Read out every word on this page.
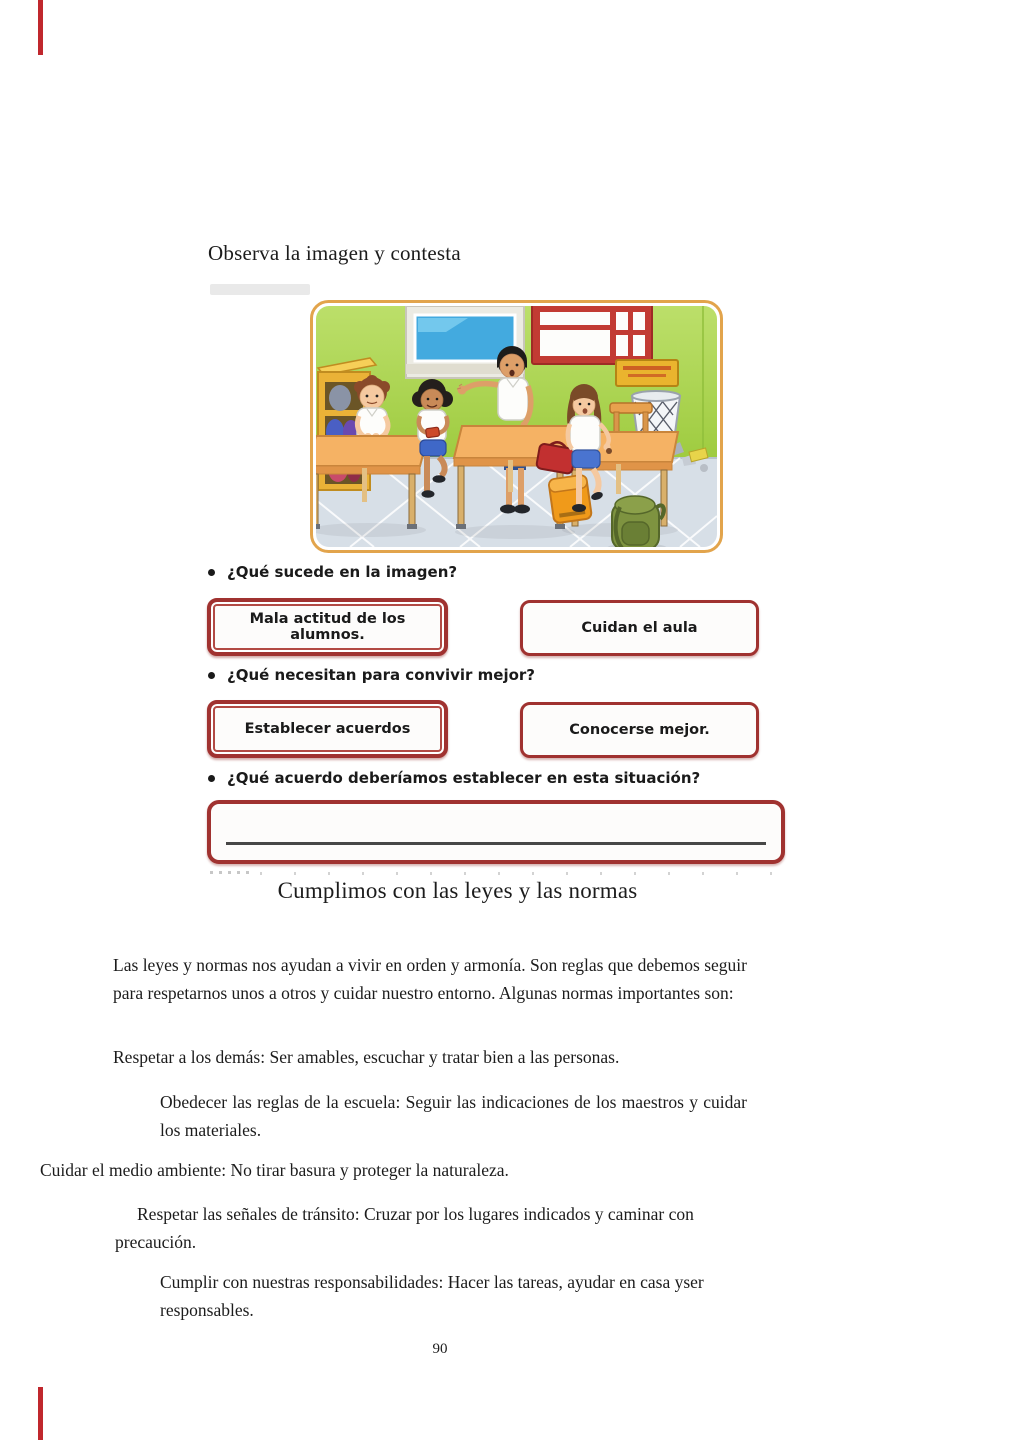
Observa la imagen y contesta
¿Qué sucede en la imagen?
Mala actitud de los alumnos.	Cuidan el aula
¿Qué necesitan para convivir mejor?
Establecer acuerdos	Conocerse mejor.
¿Qué acuerdo deberíamos establecer en esta situación?
Cumplimos con las leyes y las normas
Las leyes y normas nos ayudan a vivir en orden y armonía. Son reglas que debemos seguir para respetarnos unos a otros y cuidar nuestro entorno. Algunas normas importantes son:
Respetar a los demás: Ser amables, escuchar y tratar bien a las personas.
Obedecer las reglas de la escuela: Seguir las indicaciones de los maestros y cuidar los materiales.
Cuidar el medio ambiente: No tirar basura y proteger la naturaleza.
Respetar las señales de tránsito: Cruzar por los lugares indicados y caminar con precaución.
Cumplir con nuestras responsabilidades: Hacer las tareas, ayudar en casa yser responsables.
90
